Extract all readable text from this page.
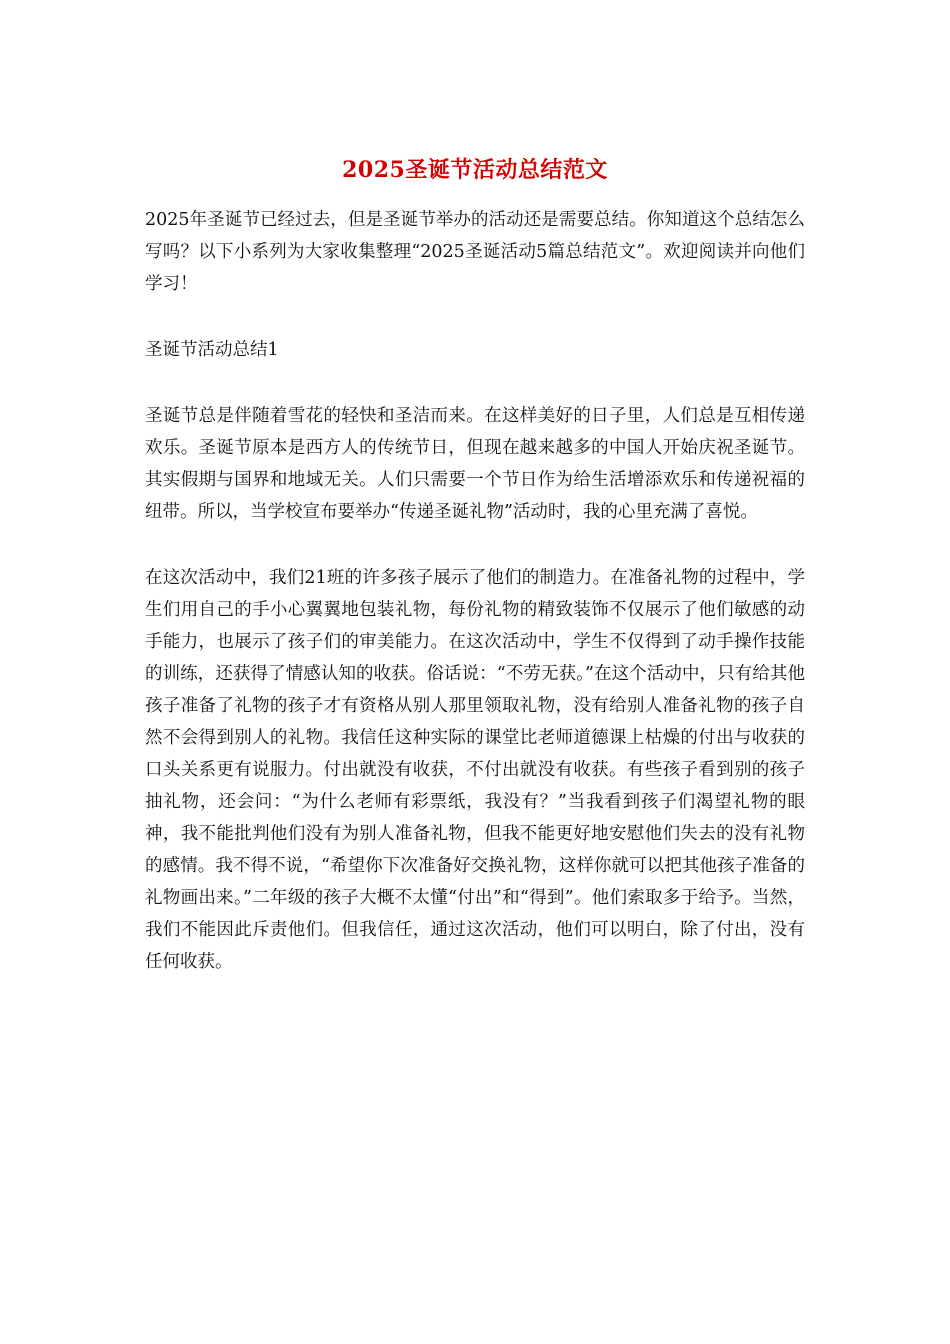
2025圣诞节活动总结范文

2025年圣诞节已经过去，但是圣诞节举办的活动还是需要总结。你知道这个总结怎么写吗？以下小系列为大家收集整理“2025圣诞活动5篇总结范文”。欢迎阅读并向他们学习！

圣诞节活动总结1

圣诞节总是伴随着雪花的轻快和圣洁而来。在这样美好的日子里，人们总是互相传递欢乐。圣诞节原本是西方人的传统节日，但现在越来越多的中国人开始庆祝圣诞节。其实假期与国界和地域无关。人们只需要一个节日作为给生活增添欢乐和传递祝福的纽带。所以，当学校宣布要举办“传递圣诞礼物”活动时，我的心里充满了喜悦。

在这次活动中，我们21班的许多孩子展示了他们的制造力。在准备礼物的过程中，学生们用自己的手小心翼翼地包装礼物，每份礼物的精致装饰不仅展示了他们敏感的动手能力，也展示了孩子们的审美能力。在这次活动中，学生不仅得到了动手操作技能的训练，还获得了情感认知的收获。俗话说：“不劳无获。”在这个活动中，只有给其他孩子准备了礼物的孩子才有资格从别人那里领取礼物，没有给别人准备礼物的孩子自然不会得到别人的礼物。我信任这种实际的课堂比老师道德课上枯燥的付出与收获的口头关系更有说服力。付出就没有收获，不付出就没有收获。有些孩子看到别的孩子抽礼物，还会问：“为什么老师有彩票纸，我没有？”当我看到孩子们渴望礼物的眼神，我不能批判他们没有为别人准备礼物，但我不能更好地安慰他们失去的没有礼物的感情。我不得不说，“希望你下次准备好交换礼物，这样你就可以把其他孩子准备的礼物画出来。”二年级的孩子大概不太懂“付出”和“得到”。他们索取多于给予。当然，我们不能因此斥责他们。但我信任，通过这次活动，他们可以明白，除了付出，没有任何收获。
